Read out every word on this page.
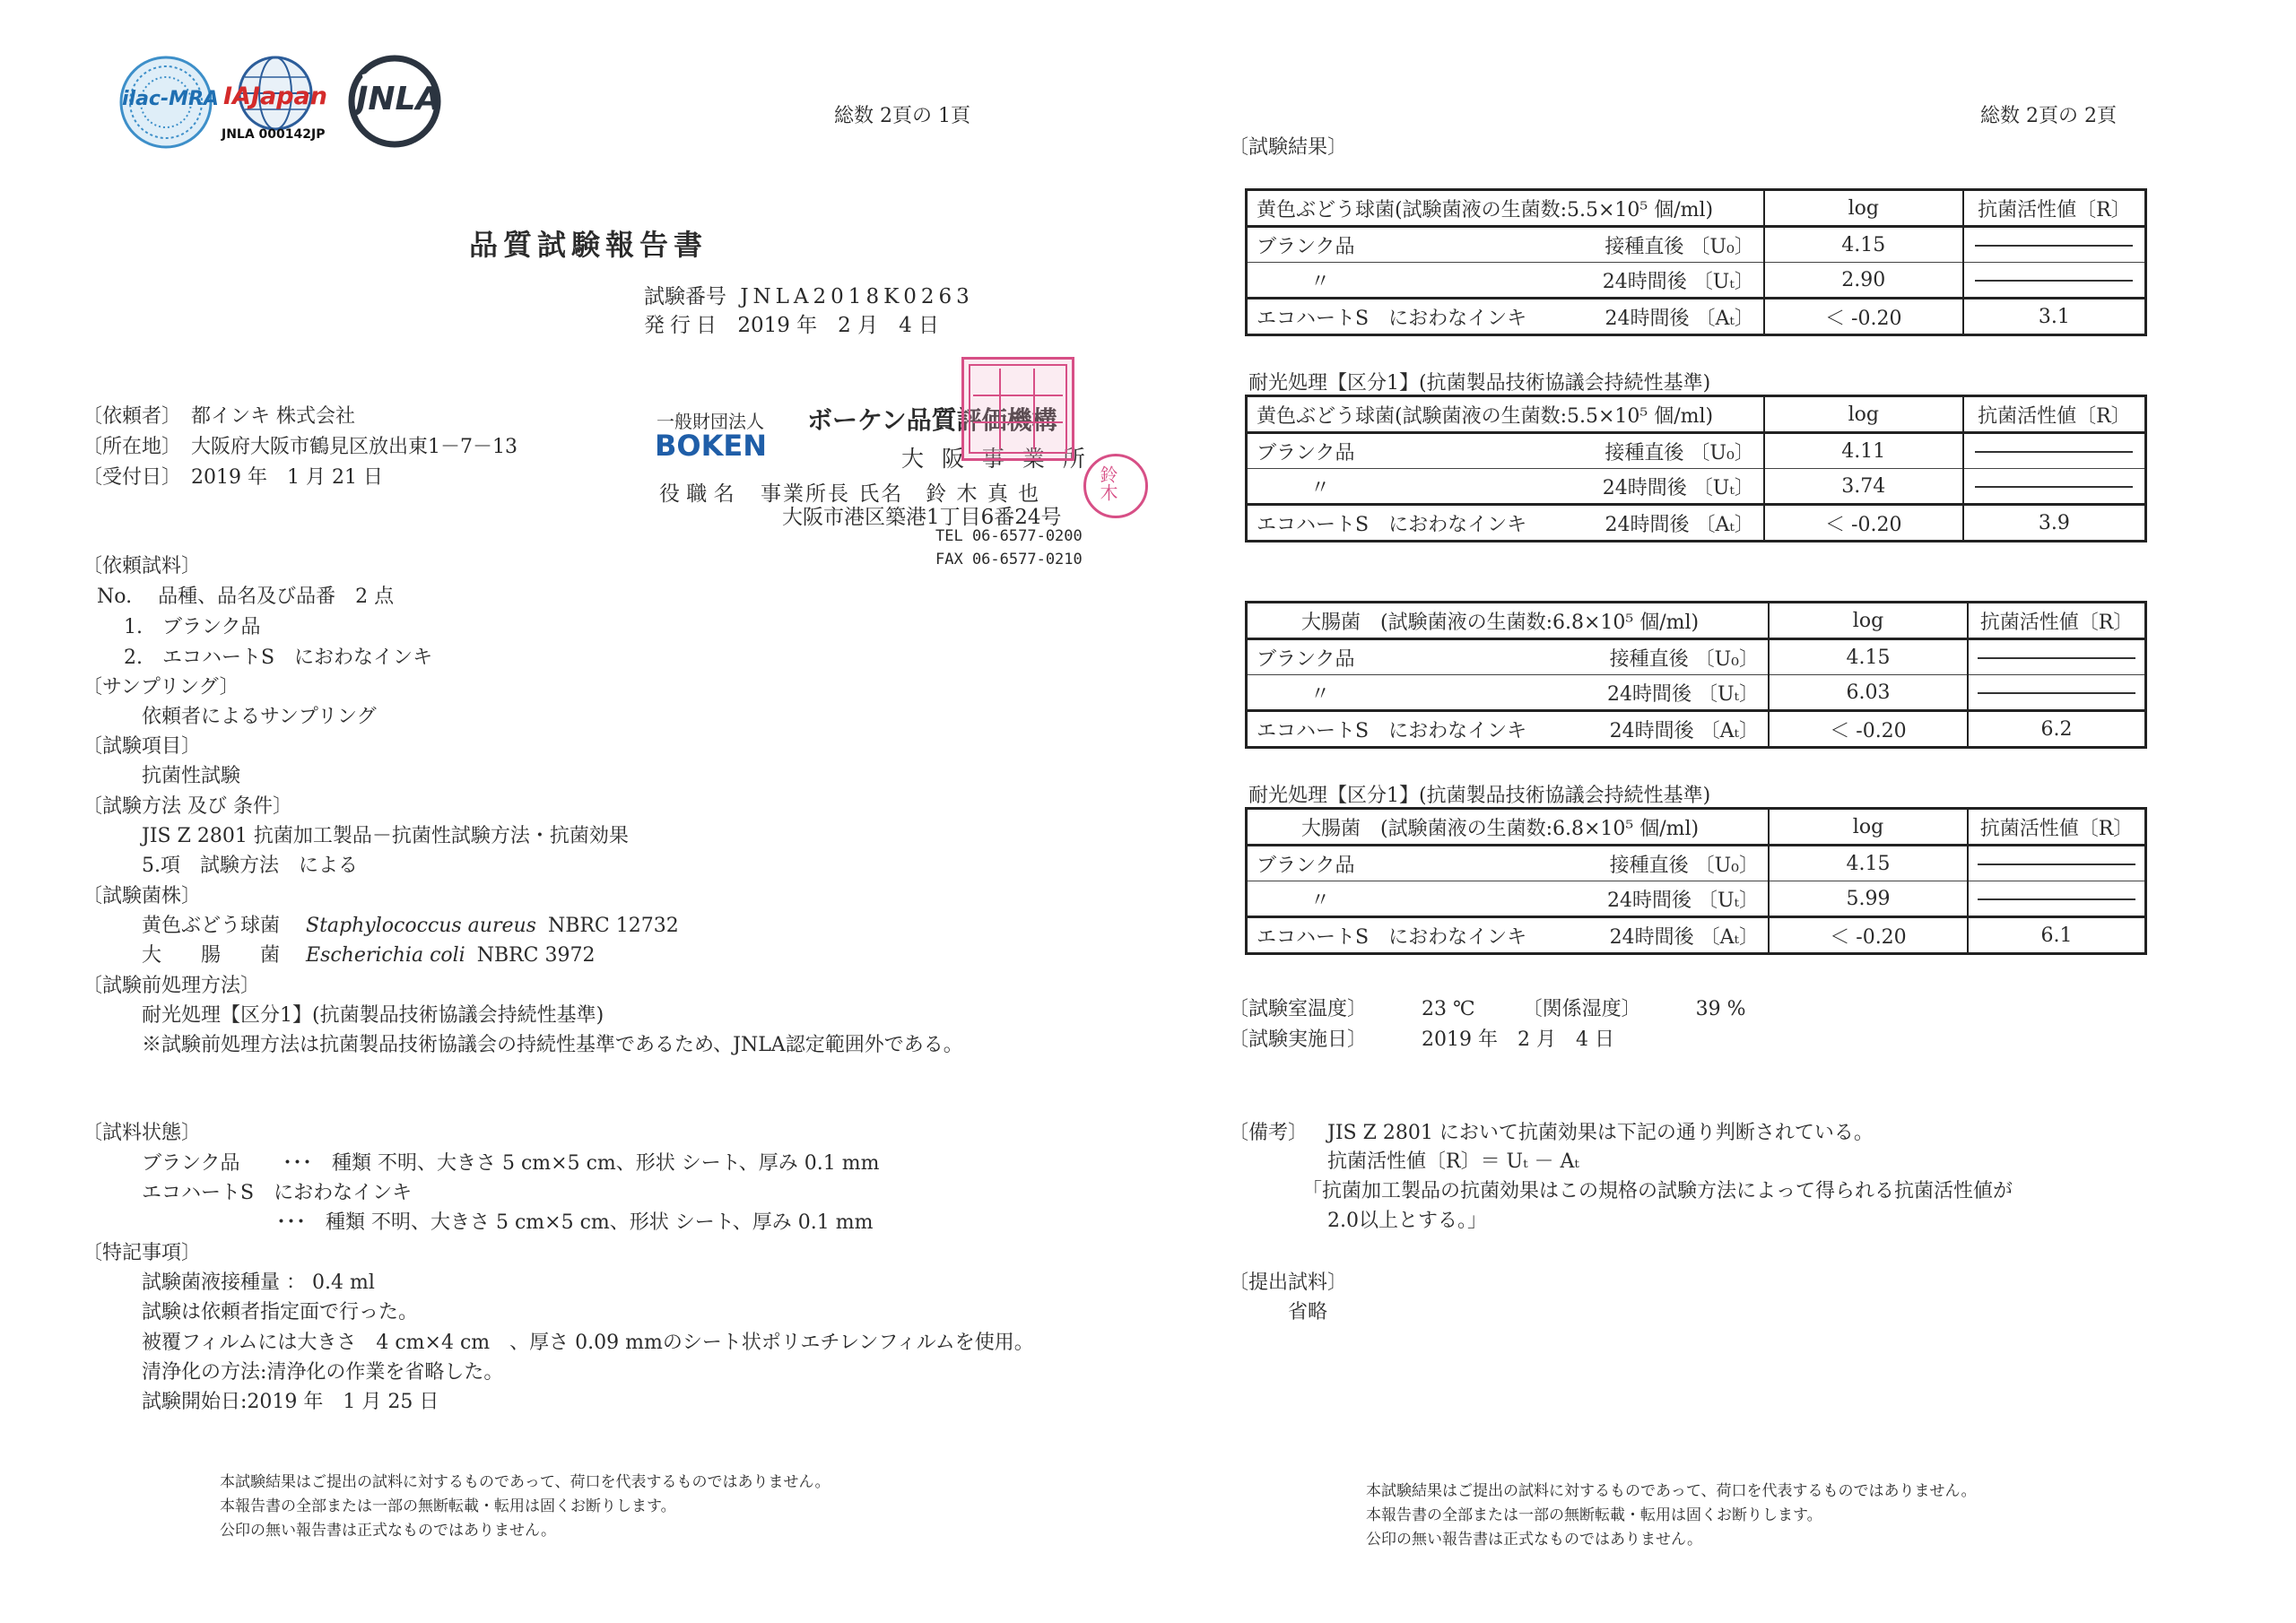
ilac-MRA IAJapan
JNLA 000142JP
JNLA	総数 2頁の 1頁
品質試験報告書
試験番号 JNLA2018K0263
発行日 2019 年　2 月　4 日
〔依頼者〕 都インキ 株式会社
〔所在地〕 大阪府大阪市鶴見区放出東1－7－13
〔受付日〕 2019 年　1 月 21 日
一般財団法人 ボーケン品質評価機構
BOKEN	大 阪 事 業 所
役 職 名 事業所長 氏名　鈴 木 真 也
大阪市港区築港1丁目6番24号
TEL 06-6577-0200
FAX 06-6577-0210
鈴木
〔依頼試料〕
No.　 品種、品名及び品番　2 点
1.　ブランク品
2.　エコハートS　におわなインキ
〔サンプリング〕
依頼者によるサンプリング
〔試験項目〕
抗菌性試験
〔試験方法 及び 条件〕
JIS Z 2801 抗菌加工製品－抗菌性試験方法・抗菌効果
5.項　試験方法　による
〔試験菌株〕
黄色ぶどう球菌 Staphylococcus aureus NBRC 12732
大　　腸　　菌 Escherichia coli NBRC 3972
〔試験前処理方法〕
耐光処理【区分1】(抗菌製品技術協議会持続性基準)
※試験前処理方法は抗菌製品技術協議会の持続性基準であるため、JNLA認定範囲外である。
〔試料状態〕
ブランク品 ･･･　種類 不明、大きさ 5 cm×5 cm、形状 シート、厚み 0.1 mm
エコハートS　におわなインキ
･･･　種類 不明、大きさ 5 cm×5 cm、形状 シート、厚み 0.1 mm
〔特記事項〕
試験菌液接種量 ： 0.4 ml
試験は依頼者指定面で行った。
被覆フィルムには大きさ　4 cm×4 cm　、厚さ 0.09 mmのシート状ポリエチレンフィルムを使用。
清浄化の方法:清浄化の作業を省略した。
試験開始日:2019 年　1 月 25 日
本試験結果はご提出の試料に対するものであって、荷口を代表するものではありません。
本報告書の全部または一部の無断転載・転用は固くお断りします。
公印の無い報告書は正式なものではありません。
総数 2頁の 2頁
〔試験結果〕
黄色ぶどう球菌(試験菌液の生菌数:5.5×10⁵ 個/ml)		log	抗菌活性値〔R〕
ブランク品	接種直後 〔U₀〕	4.15	
〃	24時間後 〔Uₜ〕	2.90	
エコハートS　におわなインキ	24時間後 〔Aₜ〕	＜ -0.20	3.1
耐光処理【区分1】(抗菌製品技術協議会持続性基準)
黄色ぶどう球菌(試験菌液の生菌数:5.5×10⁵ 個/ml)		log	抗菌活性値〔R〕
ブランク品	接種直後 〔U₀〕	4.11	
〃	24時間後 〔Uₜ〕	3.74	
エコハートS　におわなインキ	24時間後 〔Aₜ〕	＜ -0.20	3.9
大腸菌　(試験菌液の生菌数:6.8×10⁵ 個/ml)		log	抗菌活性値〔R〕
ブランク品	接種直後 〔U₀〕	4.15	
〃	24時間後 〔Uₜ〕	6.03	
エコハートS　におわなインキ	24時間後 〔Aₜ〕	＜ -0.20	6.2
耐光処理【区分1】(抗菌製品技術協議会持続性基準)
大腸菌　(試験菌液の生菌数:6.8×10⁵ 個/ml)		log	抗菌活性値〔R〕
ブランク品	接種直後 〔U₀〕	4.15	
〃	24時間後 〔Uₜ〕	5.99	
エコハートS　におわなインキ	24時間後 〔Aₜ〕	＜ -0.20	6.1
〔試験室温度〕	23 ℃ 〔関係湿度〕	39 %
〔試験実施日〕	2019 年　2 月　4 日
〔備考〕 JIS Z 2801 において抗菌効果は下記の通り判断されている。
抗菌活性値〔R〕＝ Uₜ － Aₜ
「抗菌加工製品の抗菌効果はこの規格の試験方法によって得られる抗菌活性値が
2.0以上とする。」
〔提出試料〕
省略
本試験結果はご提出の試料に対するものであって、荷口を代表するものではありません。
本報告書の全部または一部の無断転載・転用は固くお断りします。
公印の無い報告書は正式なものではありません。
